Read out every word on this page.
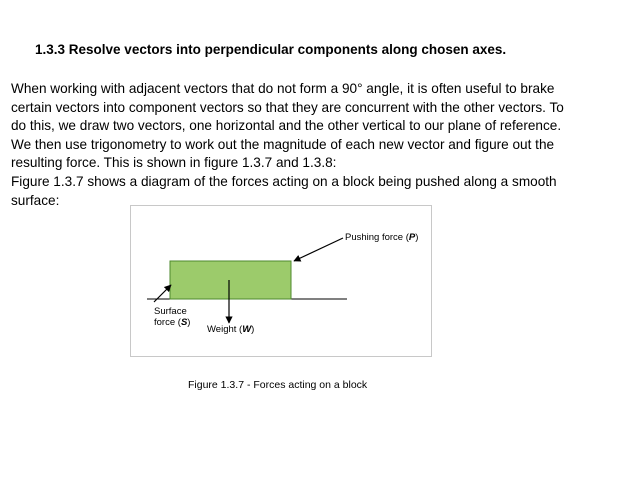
1.3.3 Resolve vectors into perpendicular components along chosen axes.
When working with adjacent vectors that do not form a 90° angle, it is often useful to brake
certain vectors into component vectors so that they are concurrent with the other vectors. To
do this, we draw two vectors, one horizontal and the other vertical to our plane of reference.
We then use trigonometry to work out the magnitude of each new vector and figure out the
resulting force. This is shown in figure 1.3.7 and 1.3.8:
Figure 1.3.7 shows a diagram of the forces acting on a block being pushed along a smooth
surface:
Pushing force (P)
Surface
force (S)
Weight (W)
Figure 1.3.7 - Forces acting on a block
